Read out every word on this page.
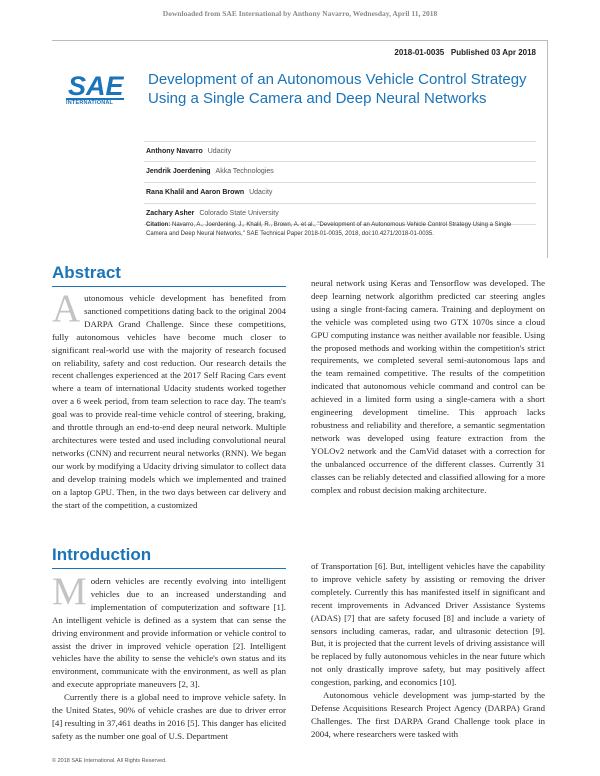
Downloaded from SAE International by Anthony Navarro, Wednesday, April 11, 2018
2018-01-0035 Published 03 Apr 2018
SAE
INTERNATIONAL
Development of an Autonomous Vehicle Control Strategy Using a Single Camera and Deep Neural Networks
Anthony Navarro Udacity
Jendrik Joerdening Akka Technologies
Rana Khalil and Aaron Brown Udacity
Zachary Asher Colorado State University
Citation: Navarro, A., Joerdening, J., Khalil, R., Brown, A. et al., "Development of an Autonomous Vehicle Control Strategy Using a Single Camera and Deep Neural Networks," SAE Technical Paper 2018-01-0035, 2018, doi:10.4271/2018-01-0035.
Abstract

Autonomous vehicle development has benefited from sanctioned competitions dating back to the original 2004 DARPA Grand Challenge. Since these competitions, fully autonomous vehicles have become much closer to significant real-world use with the majority of research focused on reliability, safety and cost reduction. Our research details the recent challenges experienced at the 2017 Self Racing Cars event where a team of international Udacity students worked together over a 6 week period, from team selection to race day. The team's goal was to provide real-time vehicle control of steering, braking, and throttle through an end-to-end deep neural network. Multiple architectures were tested and used including convolutional neural networks (CNN) and recurrent neural networks (RNN). We began our work by modifying a Udacity driving simulator to collect data and develop training models which we implemented and trained on a laptop GPU. Then, in the two days between car delivery and the start of the competition, a customized

neural network using Keras and Tensorflow was developed. The deep learning network algorithm predicted car steering angles using a single front-facing camera. Training and deployment on the vehicle was completed using two GTX 1070s since a cloud GPU computing instance was neither available nor feasible. Using the proposed methods and working within the competition's strict requirements, we completed several semi-autonomous laps and the team remained competitive. The results of the competition indicated that autonomous vehicle command and control can be achieved in a limited form using a single-camera with a short engineering development timeline. This approach lacks robustness and reliability and therefore, a semantic segmentation network was developed using feature extraction from the YOLOv2 network and the CamVid dataset with a correction for the unbalanced occurrence of the different classes. Currently 31 classes can be reliably detected and classified allowing for a more complex and robust decision making architecture.

Introduction

Modern vehicles are recently evolving into intelligent vehicles due to an increased understanding and implementation of computerization and software [1]. An intelligent vehicle is defined as a system that can sense the driving environment and provide information or vehicle control to assist the driver in improved vehicle operation [2]. Intelligent vehicles have the ability to sense the vehicle's own status and its environment, communicate with the environment, as well as plan and execute appropriate maneuvers [2, 3].

Currently there is a global need to improve vehicle safety. In the United States, 90% of vehicle crashes are due to driver error [4] resulting in 37,461 deaths in 2016 [5]. This danger has elicited safety as the number one goal of U.S. Department

of Transportation [6]. But, intelligent vehicles have the capability to improve vehicle safety by assisting or removing the driver completely. Currently this has manifested itself in significant and recent improvements in Advanced Driver Assistance Systems (ADAS) [7] that are safety focused [8] and include a variety of sensors including cameras, radar, and ultrasonic detection [9]. But, it is projected that the current levels of driving assistance will be replaced by fully autonomous vehicles in the near future which not only drastically improve safety, but may positively affect congestion, parking, and economics [10].

Autonomous vehicle development was jump-started by the Defense Acquisitions Research Project Agency (DARPA) Grand Challenges. The first DARPA Grand Challenge took place in 2004, where researchers were tasked with

© 2018 SAE International. All Rights Reserved.
